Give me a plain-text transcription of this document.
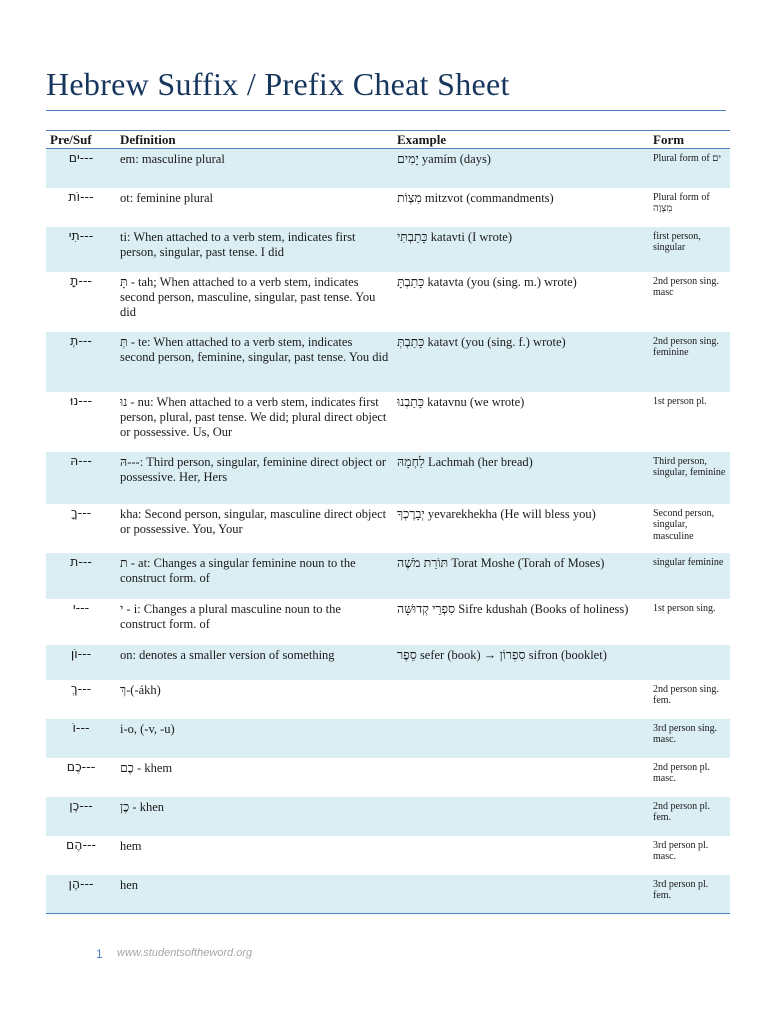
Hebrew Suffix / Prefix Cheat Sheet
Pre/Suf	Definition	Example	Form
---ים	em: masculine plural	יָמִים yamím (days)	Plural form of ים
---וֹת	ot: feminine plural	מִצְוֹת mitzvot (commandments)	Plural form of מִצְוָה
---תִי	ti: When attached to a verb stem, indicates first person, singular, past tense. I did	כָּתַבְתִּי katavti (I wrote)	first person, singular
---תָ	תָּ - tah; When attached to a verb stem, indicates second person, masculine, singular, past tense. You did	כָּתַבְתָּ katavta (you (sing. m.) wrote)	2nd person sing. masc
---תְ	תְּ - te: When attached to a verb stem, indicates second person, feminine, singular, past tense. You did	כָּתַבְתְּ katavt (you (sing. f.) wrote)	2nd person sing. feminine
---נוּ	נוּ - nu: When attached to a verb stem, indicates first person, plural, past tense. We did; plural direct object or possessive. Us, Our	כָּתַבְנוּ katavnu (we wrote)	1st person pl.
---הּ	הּ---: Third person, singular, feminine direct object or possessive. Her, Hers	לַחְמָהּ Lachmah (her bread)	Third person, singular, feminine
---ךָ	kha: Second person, singular, masculine direct object or possessive. You, Your	יְבָרֶכְךָ yevarekhekha (He will bless you)	Second person, singular, masculine
---ת	ת - at: Changes a singular feminine noun to the construct form. of	תּוֹרַת מֹשֶׁה Torat Moshe (Torah of Moses)	singular feminine
---י	י - i: Changes a plural masculine noun to the construct form. of	סִפְרֵי קְדוּשָּׁה Sifre kdushah (Books of holiness)	1st person sing.
---וֹן	on: denotes a smaller version of something	סֵפֶר sefer (book) → סִפְרוֹן sifron (booklet)	
---ךְ	ךְ-(-ákh)		2nd person sing. fem.
---וֹ	i-o, (-v, -u)		3rd person sing. masc.
---כֶם	כֶם - khem		2nd person pl. masc.
---כֶן	כֶן - khen		2nd person pl. fem.
---הֶם	hem		3rd person pl. masc.
---הֶן	hen		3rd person pl. fem.
1 www.studentsoftheword.org
